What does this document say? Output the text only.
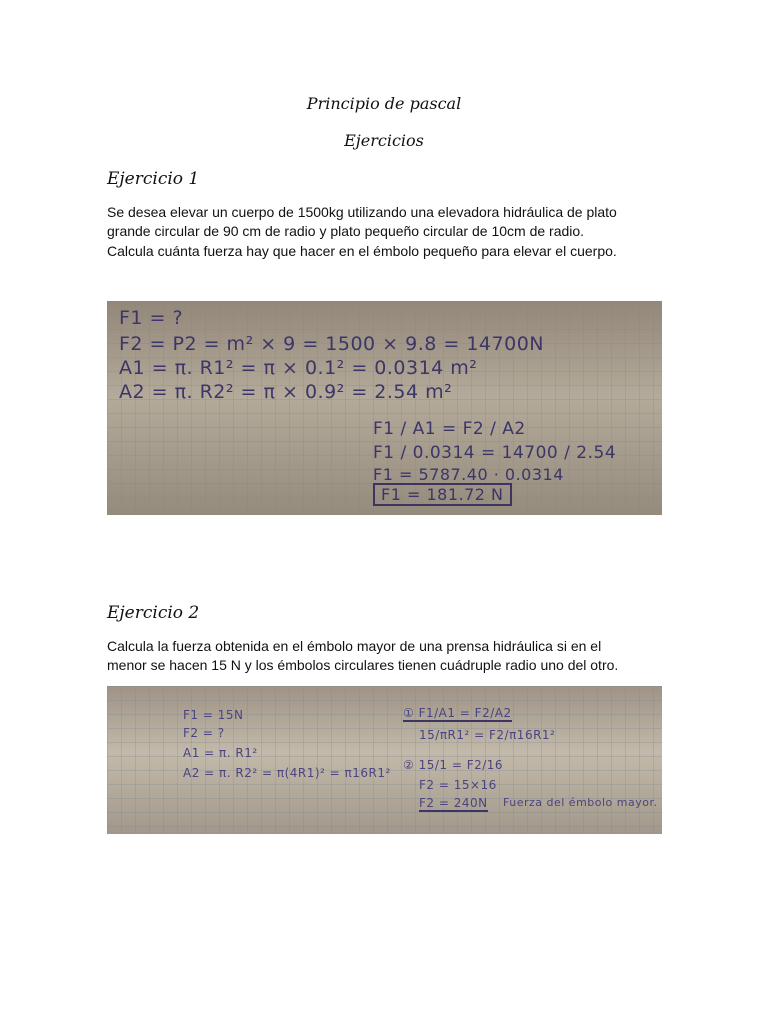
Principio de pascal
Ejercicios
Ejercicio 1

Se desea elevar un cuerpo de 1500kg utilizando una elevadora hidráulica de plato
grande circular de 90 cm de radio y plato pequeño circular de 10cm de radio.
Calcula cuánta fuerza hay que hacer en el émbolo pequeño para elevar el cuerpo.

F1 = ?
F2 = P2 = m² × 9 = 1500 × 9.8 = 14700N
A1 = π. R1² = π × 0.1² = 0.0314 m²
A2 = π. R2² = π × 0.9² = 2.54 m²
F1 / A1 = F2 / A2
F1 / 0.0314 = 14700 / 2.54
F1 = 5787.40 · 0.0314
F1 = 181.72 N
Ejercicio 2

Calcula la fuerza obtenida en el émbolo mayor de una prensa hidráulica si en el
menor se hacen 15 N y los émbolos circulares tienen cuádruple radio uno del otro.

F1 = 15N
F2 = ?
A1 = π. R1²
A2 = π. R2² = π(4R1)² = π16R1²
① F1/A1 = F2/A2
15/πR1² = F2/π16R1²
② 15/1 = F2/16
F2 = 15×16
F2 = 240N Fuerza del émbolo mayor.
